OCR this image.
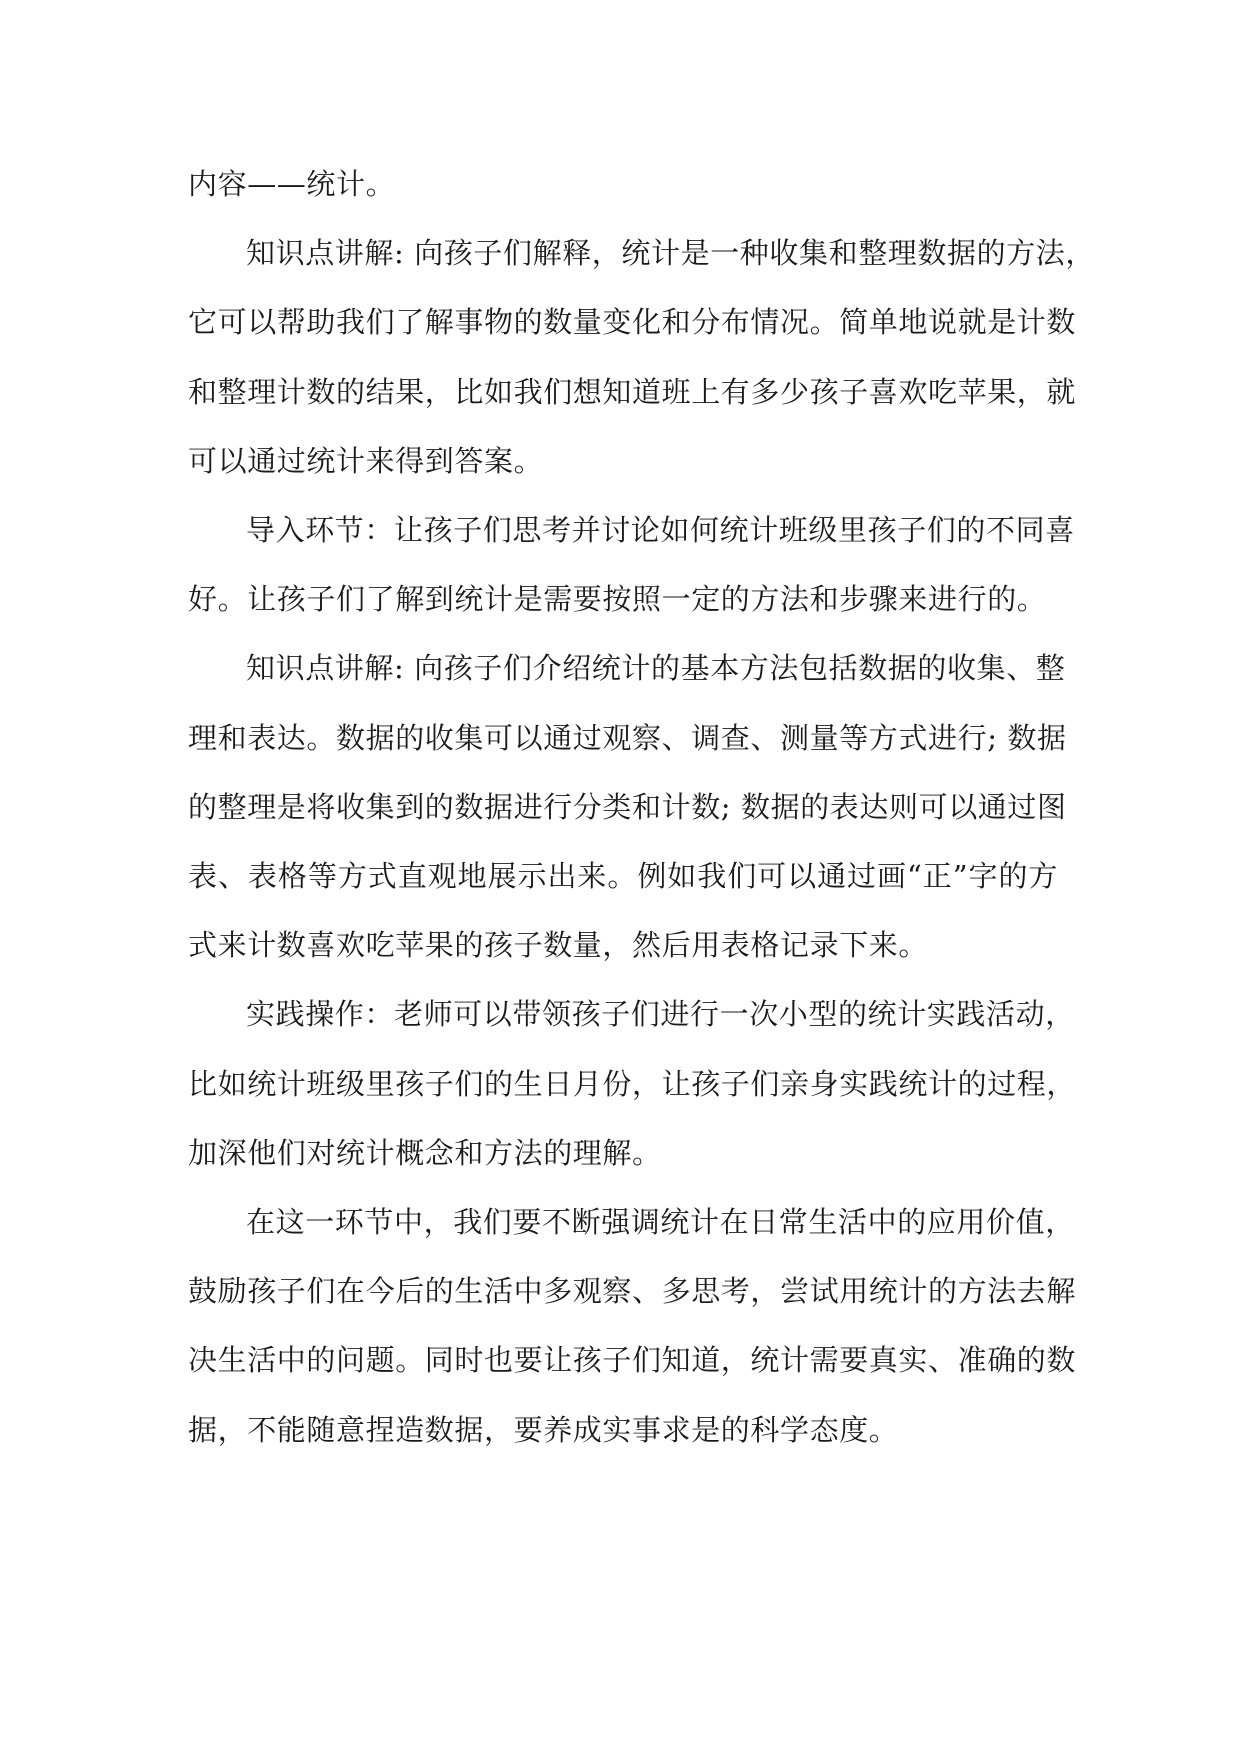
内容——统计。

知识点讲解: 向孩子们解释，统计是一种收集和整理数据的方法，
它可以帮助我们了解事物的数量变化和分布情况。简单地说就是计数
和整理计数的结果，比如我们想知道班上有多少孩子喜欢吃苹果，就
可以通过统计来得到答案。

导入环节：让孩子们思考并讨论如何统计班级里孩子们的不同喜
好。让孩子们了解到统计是需要按照一定的方法和步骤来进行的。

知识点讲解: 向孩子们介绍统计的基本方法包括数据的收集、整
理和表达。数据的收集可以通过观察、调查、测量等方式进行; 数据
的整理是将收集到的数据进行分类和计数; 数据的表达则可以通过图
表、表格等方式直观地展示出来。例如我们可以通过画“正”字的方
式来计数喜欢吃苹果的孩子数量，然后用表格记录下来。

实践操作：老师可以带领孩子们进行一次小型的统计实践活动，
比如统计班级里孩子们的生日月份，让孩子们亲身实践统计的过程，
加深他们对统计概念和方法的理解。

在这一环节中，我们要不断强调统计在日常生活中的应用价值，
鼓励孩子们在今后的生活中多观察、多思考，尝试用统计的方法去解
决生活中的问题。同时也要让孩子们知道，统计需要真实、准确的数
据，不能随意捏造数据，要养成实事求是的科学态度。
